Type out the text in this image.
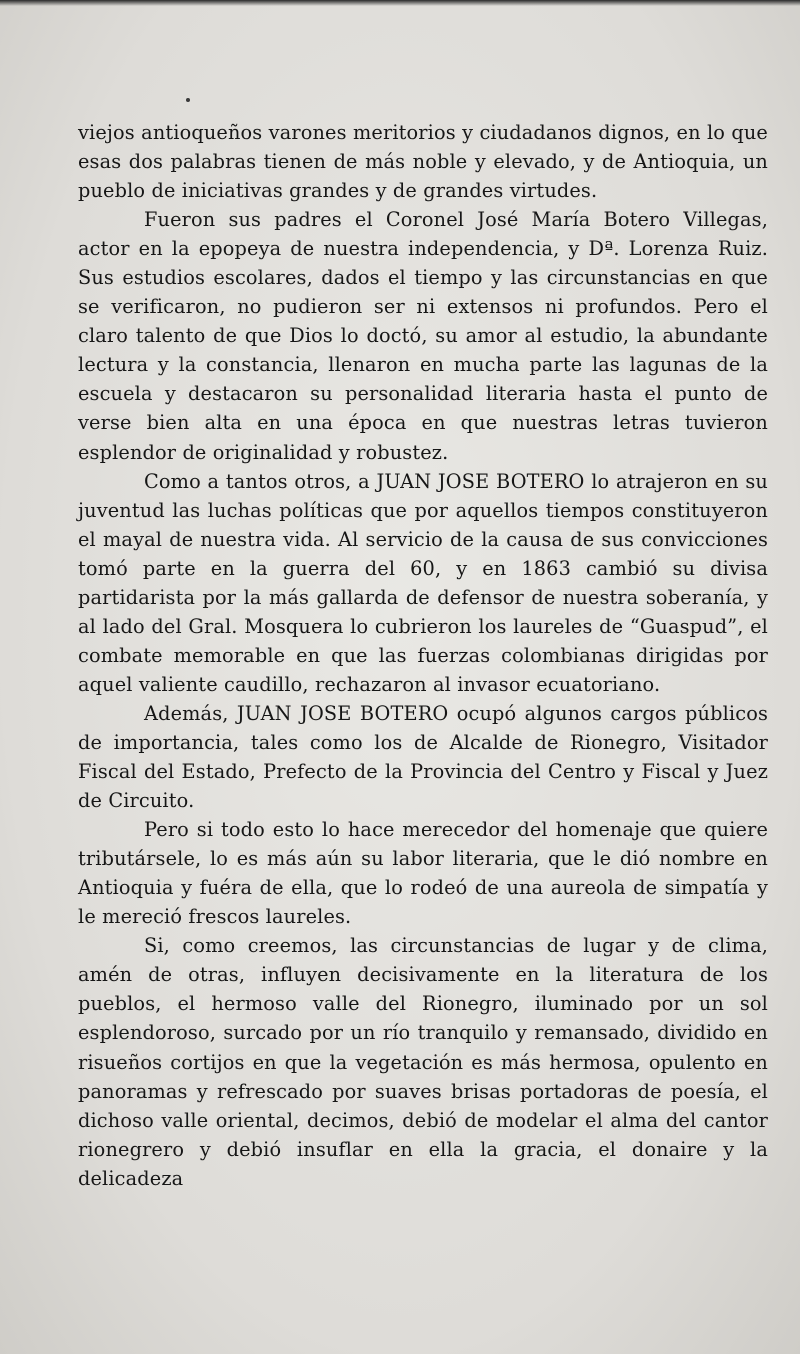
viejos antioqueños varones meritorios y ciudadanos dignos, en lo que esas dos palabras tienen de más noble y elevado, y de Antioquia, un pueblo de iniciativas grandes y de grandes virtudes.

Fueron sus padres el Coronel José María Botero Villegas, actor en la epopeya de nuestra independencia, y Dª. Lorenza Ruiz. Sus estudios escolares, dados el tiempo y las circunstancias en que se verificaron, no pudieron ser ni extensos ni profundos. Pero el claro talento de que Dios lo doctó, su amor al estudio, la abundante lectura y la constancia, llenaron en mucha parte las lagunas de la escuela y destacaron su personalidad literaria hasta el punto de verse bien alta en una época en que nuestras letras tuvieron esplendor de originalidad y robustez.

Como a tantos otros, a JUAN JOSE BOTERO lo atrajeron en su juventud las luchas políticas que por aquellos tiempos constituyeron el mayal de nuestra vida. Al servicio de la causa de sus convicciones tomó parte en la guerra del 60, y en 1863 cambió su divisa partidarista por la más gallarda de defensor de nuestra soberanía, y al lado del Gral. Mosquera lo cubrieron los laureles de “Guaspud”, el combate memorable en que las fuerzas colombianas dirigidas por aquel valiente caudillo, rechazaron al invasor ecuatoriano.

Además, JUAN JOSE BOTERO ocupó algunos cargos públicos de importancia, tales como los de Alcalde de Rionegro, Visitador Fiscal del Estado, Prefecto de la Provincia del Centro y Fiscal y Juez de Circuito.

Pero si todo esto lo hace merecedor del homenaje que quiere tributársele, lo es más aún su labor literaria, que le dió nombre en Antioquia y fuéra de ella, que lo rodeó de una aureola de simpatía y le mereció frescos laureles.

Si, como creemos, las circunstancias de lugar y de clima, amén de otras, influyen decisivamente en la literatura de los pueblos, el hermoso valle del Rionegro, iluminado por un sol esplendoroso, surcado por un río tranquilo y remansado, dividido en risueños cortijos en que la vegetación es más hermosa, opulento en panoramas y refrescado por suaves brisas portadoras de poesía, el dichoso valle oriental, decimos, debió de modelar el alma del cantor rionegrero y debió insuflar en ella la gracia, el donaire y la delicadeza
